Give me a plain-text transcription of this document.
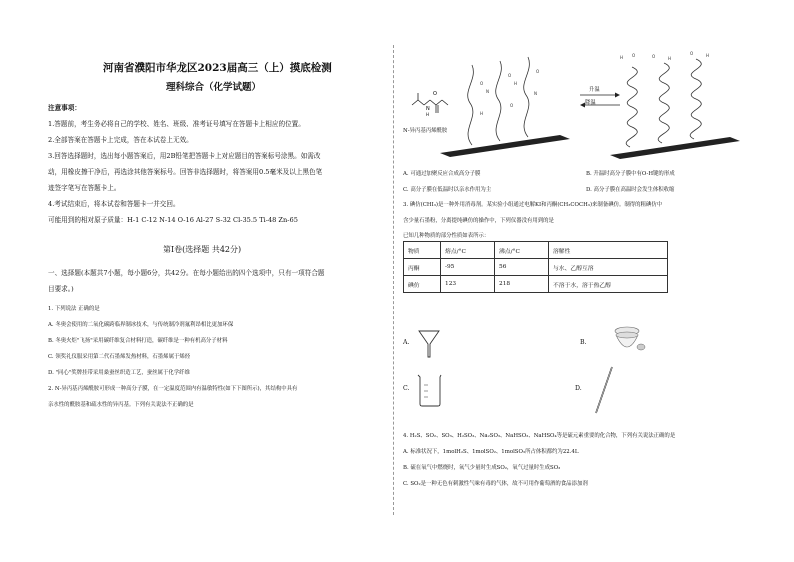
河南省濮阳市华龙区2023届高三（上）摸底检测
理科综合（化学试题）
注意事项：
1.答题前，考生务必将自己的学校、姓名、班级、准考证号填写在答题卡上相应的位置。
2.全部答案在答题卡上完成，答在本试卷上无效。
3.回答选择题时，选出每小题答案后，用2B铅笔把答题卡上对应题目的答案标号涂黑。如需改
动，用橡皮擦干净后，再选涂其他答案标号。回答非选择题时，将答案用0.5毫米及以上黑色笔
迹签字笔写在答题卡上。
4.考试结束后，将本试卷和答题卡一并交回。
可能用到的相对原子质量：H-1 C-12 N-14 O-16 Al-27 S-32 Cl-35.5 Ti-48 Zn-65
第Ⅰ卷(选择题 共42分)
一、选择题(本题共7小题，每小题6分，共42分。在每小题给出的四个选项中，只有一项符合题
目要求。)
1. 下列说法 正确的是
A. 冬奥会使用的二氧化碳跨临界制冰技术，与传统制冷剂氟利昂相比更加环保
B. 冬奥火炬"飞扬"采用碳纤维复合材料打造，碳纤维是一种有机高分子材料
C. 领奖礼仪服采用第二代石墨烯发热材料，石墨烯属于烯烃
D. "同心"奖牌挂带采用桑蚕丝织造工艺，蚕丝属于化学纤维
2. N-异丙基丙烯酰胺可形成一种高分子膜，在一定温度范围内有温敏特性(如下下图所示)，其结构中具有
亲水性的酰胺基和疏水性的异丙基。下列有关说法不正确的是
O
N
H
O
N
O
H
O
N
H
O
H O	O	H
O	H
N-异丙基丙烯酰胺
升温
降温
A. 可通过加聚反应合成高分子膜	B. 升温时高分子膜中有O-H键的形成
C. 高分子膜在低温时以亲水作用为主	D. 高分子膜在高温时会发生体积收缩
3. 碘仿(CHI₃)是一种外用消毒剂。某实验小组通过电解KI和丙酮(CH₃COCH₃)来制备碘仿。制得的粗碘仿中
含少量石墨粉，分离提纯碘仿的操作中，下列仪器没有用到的是
已知几种物质的部分性质如表所示：
物质	熔点/°C	沸点/°C	溶解性
丙酮	-95	56	与水、乙醇互溶
碘仿	123	218	不溶于水，溶于热乙醇
A.	B.
C.	D.
4. H₂S、SO₂、SO₃、H₂SO₃、Na₂SO₃、NaHSO₃、NaHSO₄等是硫元素重要的化合物，下列有关说法正确的是
A. 标准状况下，1molH₂S、1molSO₂、1molSO₃所占体积都约为22.4L
B. 硫在氧气中燃烧时，氧气少量时生成SO₂，氧气过量时生成SO₃
C. SO₂是一种无色有刺激性气味有毒的气体，故不可用作葡萄酒的食品添加剂
